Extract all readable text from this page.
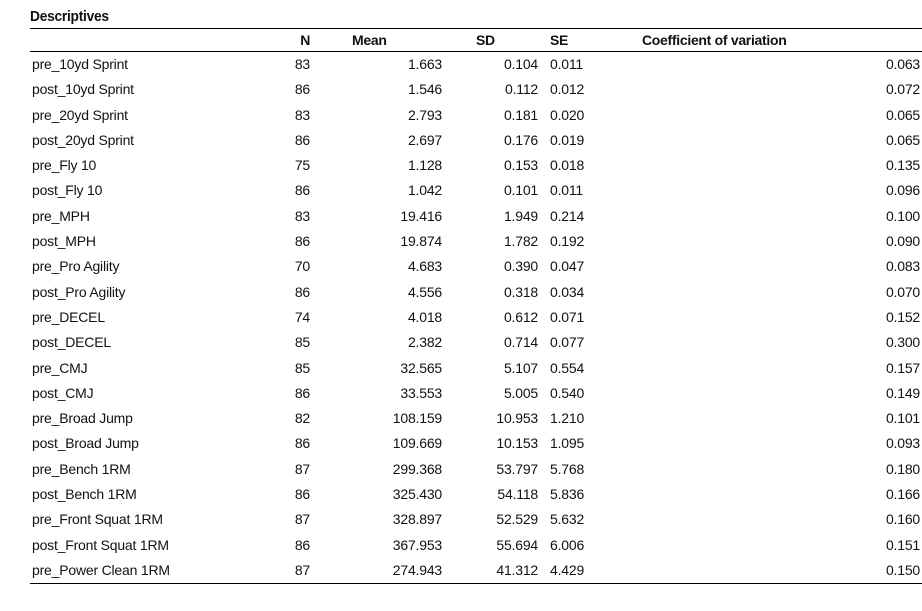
Descriptives
	N	Mean	SD	SE	Coefficient of variation
pre_10yd Sprint	83	1.663	0.104	0.011	0.063
post_10yd Sprint	86	1.546	0.112	0.012	0.072
pre_20yd Sprint	83	2.793	0.181	0.020	0.065
post_20yd Sprint	86	2.697	0.176	0.019	0.065
pre_Fly 10	75	1.128	0.153	0.018	0.135
post_Fly 10	86	1.042	0.101	0.011	0.096
pre_MPH	83	19.416	1.949	0.214	0.100
post_MPH	86	19.874	1.782	0.192	0.090
pre_Pro Agility	70	4.683	0.390	0.047	0.083
post_Pro Agility	86	4.556	0.318	0.034	0.070
pre_DECEL	74	4.018	0.612	0.071	0.152
post_DECEL	85	2.382	0.714	0.077	0.300
pre_CMJ	85	32.565	5.107	0.554	0.157
post_CMJ	86	33.553	5.005	0.540	0.149
pre_Broad Jump	82	108.159	10.953	1.210	0.101
post_Broad Jump	86	109.669	10.153	1.095	0.093
pre_Bench 1RM	87	299.368	53.797	5.768	0.180
post_Bench 1RM	86	325.430	54.118	5.836	0.166
pre_Front Squat 1RM	87	328.897	52.529	5.632	0.160
post_Front Squat 1RM	86	367.953	55.694	6.006	0.151
pre_Power Clean 1RM	87	274.943	41.312	4.429	0.150
